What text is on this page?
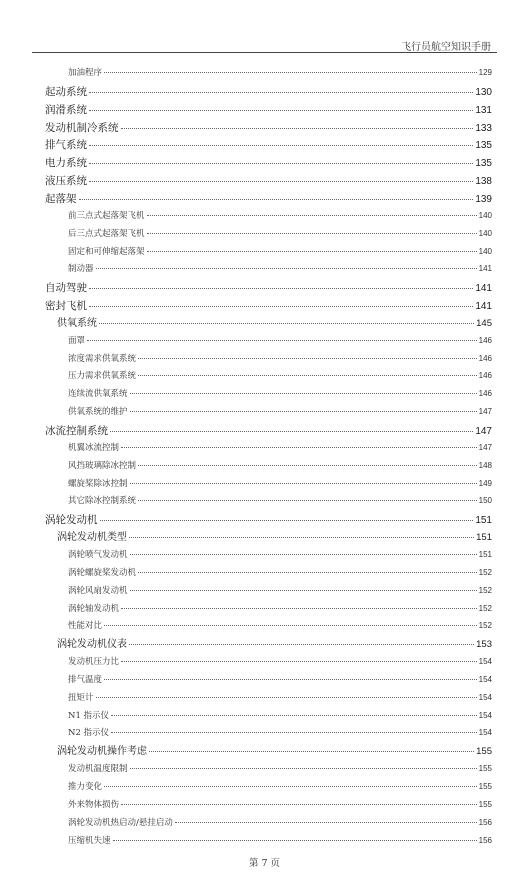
飞行员航空知识手册
加油程序	129
起动系统	130
润滑系统	131
发动机制冷系统	133
排气系统	135
电力系统	135
液压系统	138
起落架	139
前三点式起落架飞机	140
后三点式起落架飞机	140
固定和可伸缩起落架	140
制动器	141
自动驾驶	141
密封飞机	141
供氧系统	145
面罩	146
浓度需求供氧系统	146
压力需求供氧系统	146
连续流供氧系统	146
供氧系统的维护	147
冰流控制系统	147
机翼冰流控制	147
风挡玻璃除冰控制	148
螺旋桨除冰控制	149
其它除冰控制系统	150
涡轮发动机	151
涡轮发动机类型	151
涡轮喷气发动机	151
涡轮螺旋桨发动机	152
涡轮风扇发动机	152
涡轮轴发动机	152
性能对比	152
涡轮发动机仪表	153
发动机压力比	154
排气温度	154
扭矩计	154
N1 指示仪	154
N2 指示仪	154
涡轮发动机操作考虑	155
发动机温度限制	155
推力变化	155
外来物体损伤	155
涡轮发动机热启动/悬挂启动	156
压缩机失速	156
第 7 页
